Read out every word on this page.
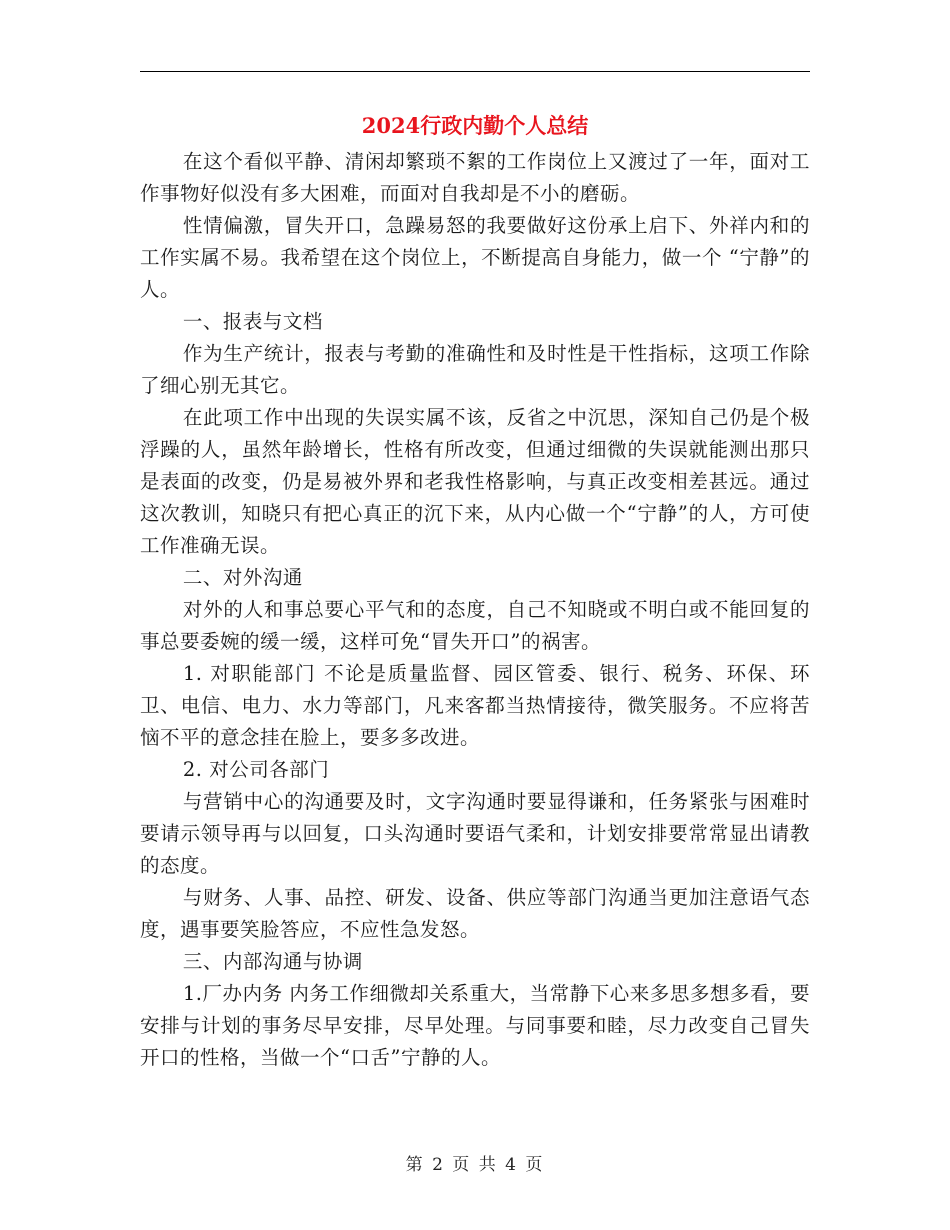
2024行政内勤个人总结

在这个看似平静、清闲却繁琐不絮的工作岗位上又渡过了一年，面对工作事物好似没有多大困难，而面对自我却是不小的磨砺。

性情偏激，冒失开口，急躁易怒的我要做好这份承上启下、外祥内和的工作实属不易。我希望在这个岗位上，不断提高自身能力，做一个 “宁静”的人。

一、报表与文档

作为生产统计，报表与考勤的准确性和及时性是干性指标，这项工作除了细心别无其它。

在此项工作中出现的失误实属不该，反省之中沉思，深知自己仍是个极浮躁的人，虽然年龄增长，性格有所改变，但通过细微的失误就能测出那只是表面的改变，仍是易被外界和老我性格影响，与真正改变相差甚远。通过这次教训，知晓只有把心真正的沉下来，从内心做一个“宁静”的人，方可使工作准确无误。

二、对外沟通

对外的人和事总要心平气和的态度，自己不知晓或不明白或不能回复的事总要委婉的缓一缓，这样可免“冒失开口”的祸害。

1. 对职能部门 不论是质量监督、园区管委、银行、税务、环保、环卫、电信、电力、水力等部门，凡来客都当热情接待，微笑服务。不应将苦恼不平的意念挂在脸上，要多多改进。

2. 对公司各部门

与营销中心的沟通要及时，文字沟通时要显得谦和，任务紧张与困难时要请示领导再与以回复，口头沟通时要语气柔和，计划安排要常常显出请教的态度。

与财务、人事、品控、研发、设备、供应等部门沟通当更加注意语气态度，遇事要笑脸答应，不应性急发怒。

三、内部沟通与协调

1.厂办内务 内务工作细微却关系重大，当常静下心来多思多想多看，要安排与计划的事务尽早安排，尽早处理。与同事要和睦，尽力改变自己冒失开口的性格，当做一个“口舌”宁静的人。

第 2 页 共 4 页
